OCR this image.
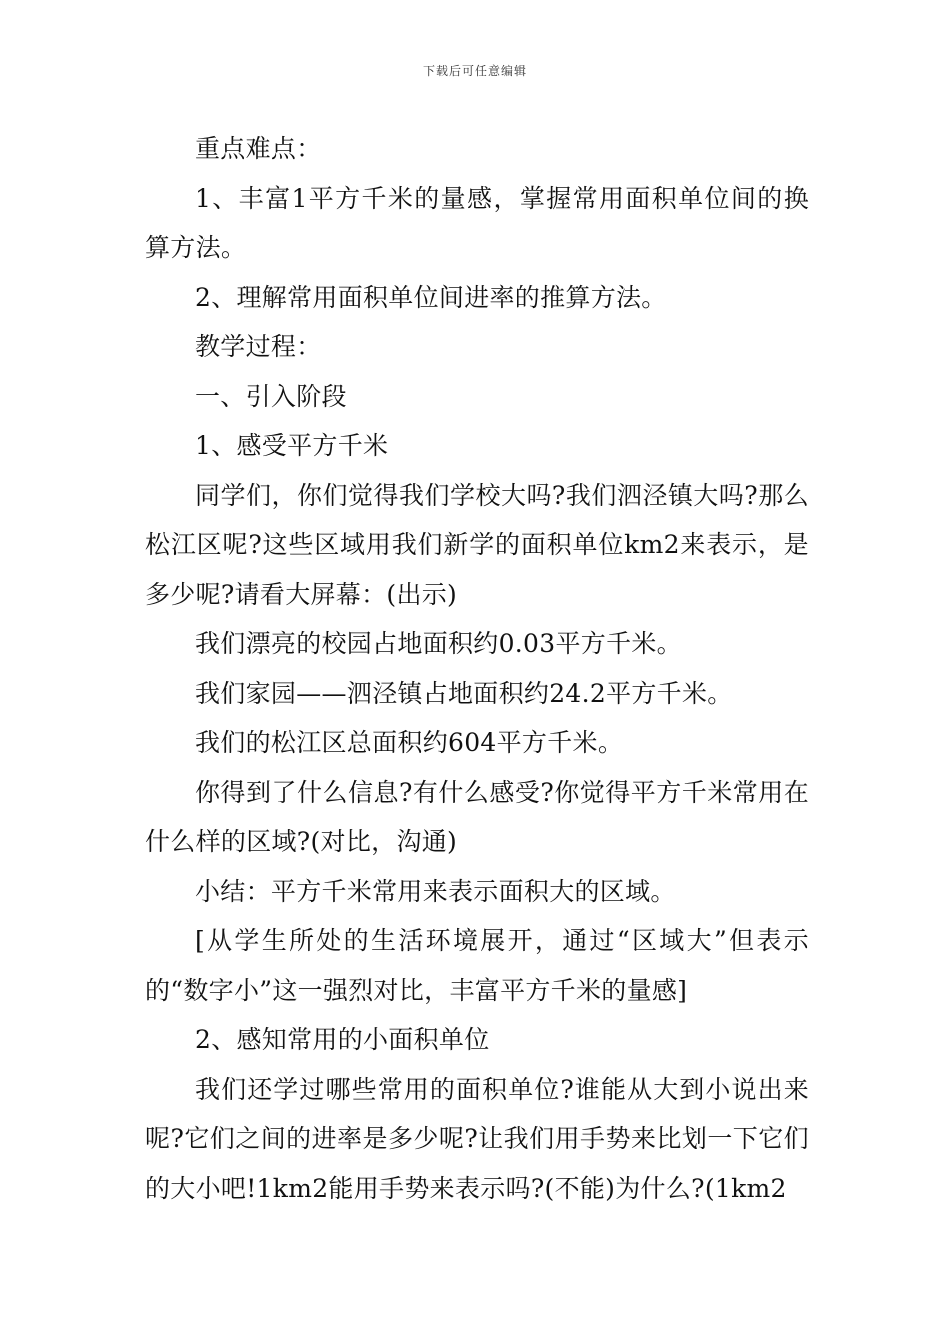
下载后可任意编辑

重点难点：

1、丰富1平方千米的量感，掌握常用面积单位间的换算方法。

2、理解常用面积单位间进率的推算方法。

教学过程：

一、引入阶段

1、感受平方千米

同学们，你们觉得我们学校大吗?我们泗泾镇大吗?那么松江区呢?这些区域用我们新学的面积单位km2来表示，是多少呢?请看大屏幕：(出示)

我们漂亮的校园占地面积约0.03平方千米。

我们家园——泗泾镇占地面积约24.2平方千米。

我们的松江区总面积约604平方千米。

你得到了什么信息?有什么感受?你觉得平方千米常用在什么样的区域?(对比，沟通)

小结：平方千米常用来表示面积大的区域。

[从学生所处的生活环境展开，通过“区域大”但表示的“数字小”这一强烈对比，丰富平方千米的量感]

2、感知常用的小面积单位

我们还学过哪些常用的面积单位?谁能从大到小说出来呢?它们之间的进率是多少呢?让我们用手势来比划一下它们的大小吧!1km2能用手势来表示吗?(不能)为什么?(1km2
